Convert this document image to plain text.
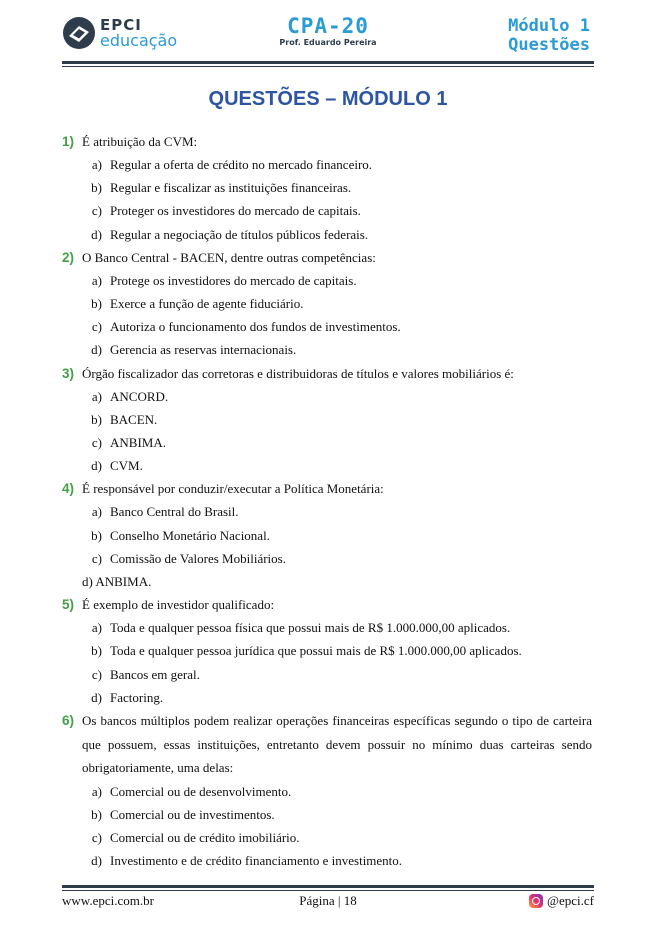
EPCI
educação
CPA-20
Prof. Eduardo Pereira
Módulo 1
Questões
QUESTÕES – MÓDULO 1
1) É atribuição da CVM:
a) Regular a oferta de crédito no mercado financeiro.
b) Regular e fiscalizar as instituições financeiras.
c) Proteger os investidores do mercado de capitais.
d) Regular a negociação de títulos públicos federais.
2) O Banco Central - BACEN, dentre outras competências:
a) Protege os investidores do mercado de capitais.
b) Exerce a função de agente fiduciário.
c) Autoriza o funcionamento dos fundos de investimentos.
d) Gerencia as reservas internacionais.
3) Órgão fiscalizador das corretoras e distribuidoras de títulos e valores mobiliários é:
a) ANCORD.
b) BACEN.
c) ANBIMA.
d) CVM.
4) É responsável por conduzir/executar a Política Monetária:
a) Banco Central do Brasil.
b) Conselho Monetário Nacional.
c) Comissão de Valores Mobiliários.
d) ANBIMA.
5) É exemplo de investidor qualificado:
a) Toda e qualquer pessoa física que possui mais de R$ 1.000.000,00 aplicados.
b) Toda e qualquer pessoa jurídica que possui mais de R$ 1.000.000,00 aplicados.
c) Bancos em geral.
d) Factoring.
6) Os bancos múltiplos podem realizar operações financeiras específicas segundo o tipo de carteira que possuem, essas instituições, entretanto devem possuir no mínimo duas carteiras sendo obrigatoriamente, uma delas:
a) Comercial ou de desenvolvimento.
b) Comercial ou de investimentos.
c) Comercial ou de crédito imobiliário.
d) Investimento e de crédito financiamento e investimento.
www.epci.com.br	Página | 18	@epci.cf
